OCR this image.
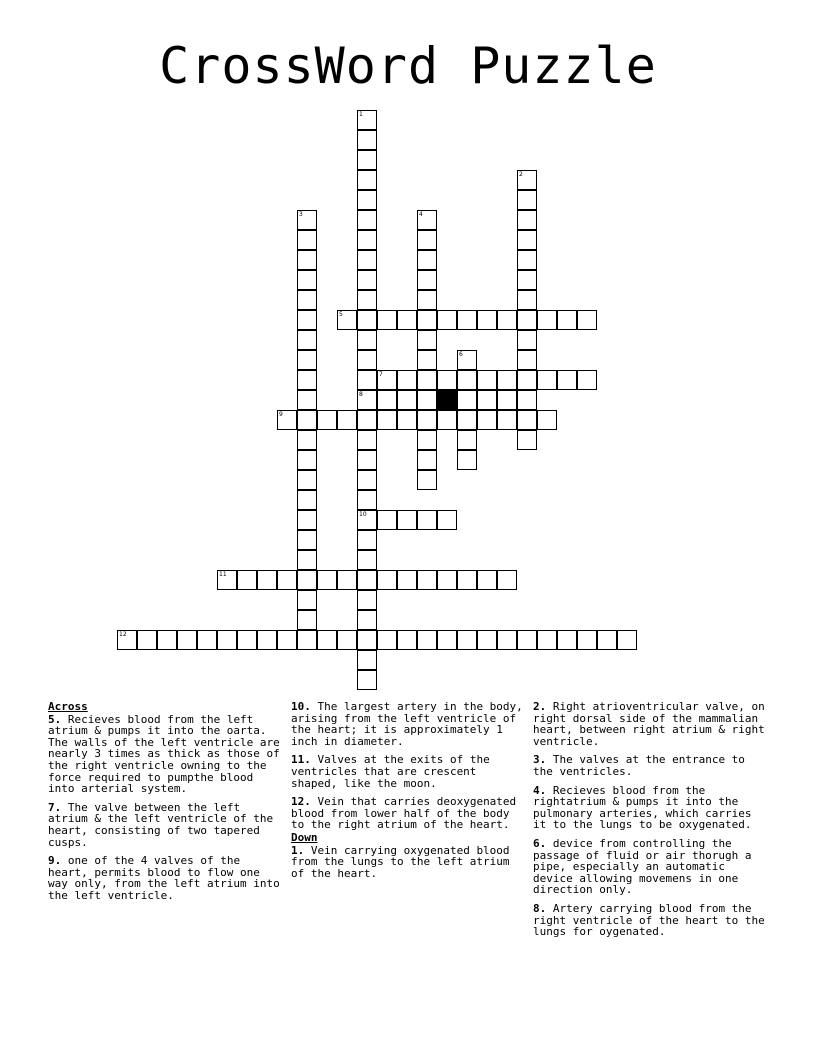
CrossWord Puzzle
1
8
10
2
3	4
5
6
7
9
11
12
Across
5. Recieves blood from the left atrium & pumps it into the oarta. The walls of the left ventricle are nearly 3 times as thick as those of the right ventricle owning to the force required to pumpthe blood into arterial system.
7. The valve between the left atrium & the left ventricle of the heart, consisting of two tapered cusps.
9. one of the 4 valves of the heart, permits blood to flow one way only, from the left atrium into the left ventricle.
10. The largest artery in the body, arising from the left ventricle of the heart; it is approximately 1 inch in diameter.
11. Valves at the exits of the ventricles that are crescent shaped, like the moon.
12. Vein that carries deoxygenated blood from lower half of the body to the right atrium of the heart.
Down
1. Vein carrying oxygenated blood from the lungs to the left atrium of the heart.
2. Right atrioventricular valve, on right dorsal side of the mammalian heart, between right atrium & right ventricle.
3. The valves at the entrance to the ventricles.
4. Recieves blood from the rightatrium & pumps it into the pulmonary arteries, which carries it to the lungs to be oxygenated.
6. device from controlling the passage of fluid or air thorugh a pipe, especially an automatic device allowing movemens in one direction only.
8. Artery carrying blood from the right ventricle of the heart to the lungs for oygenated.
